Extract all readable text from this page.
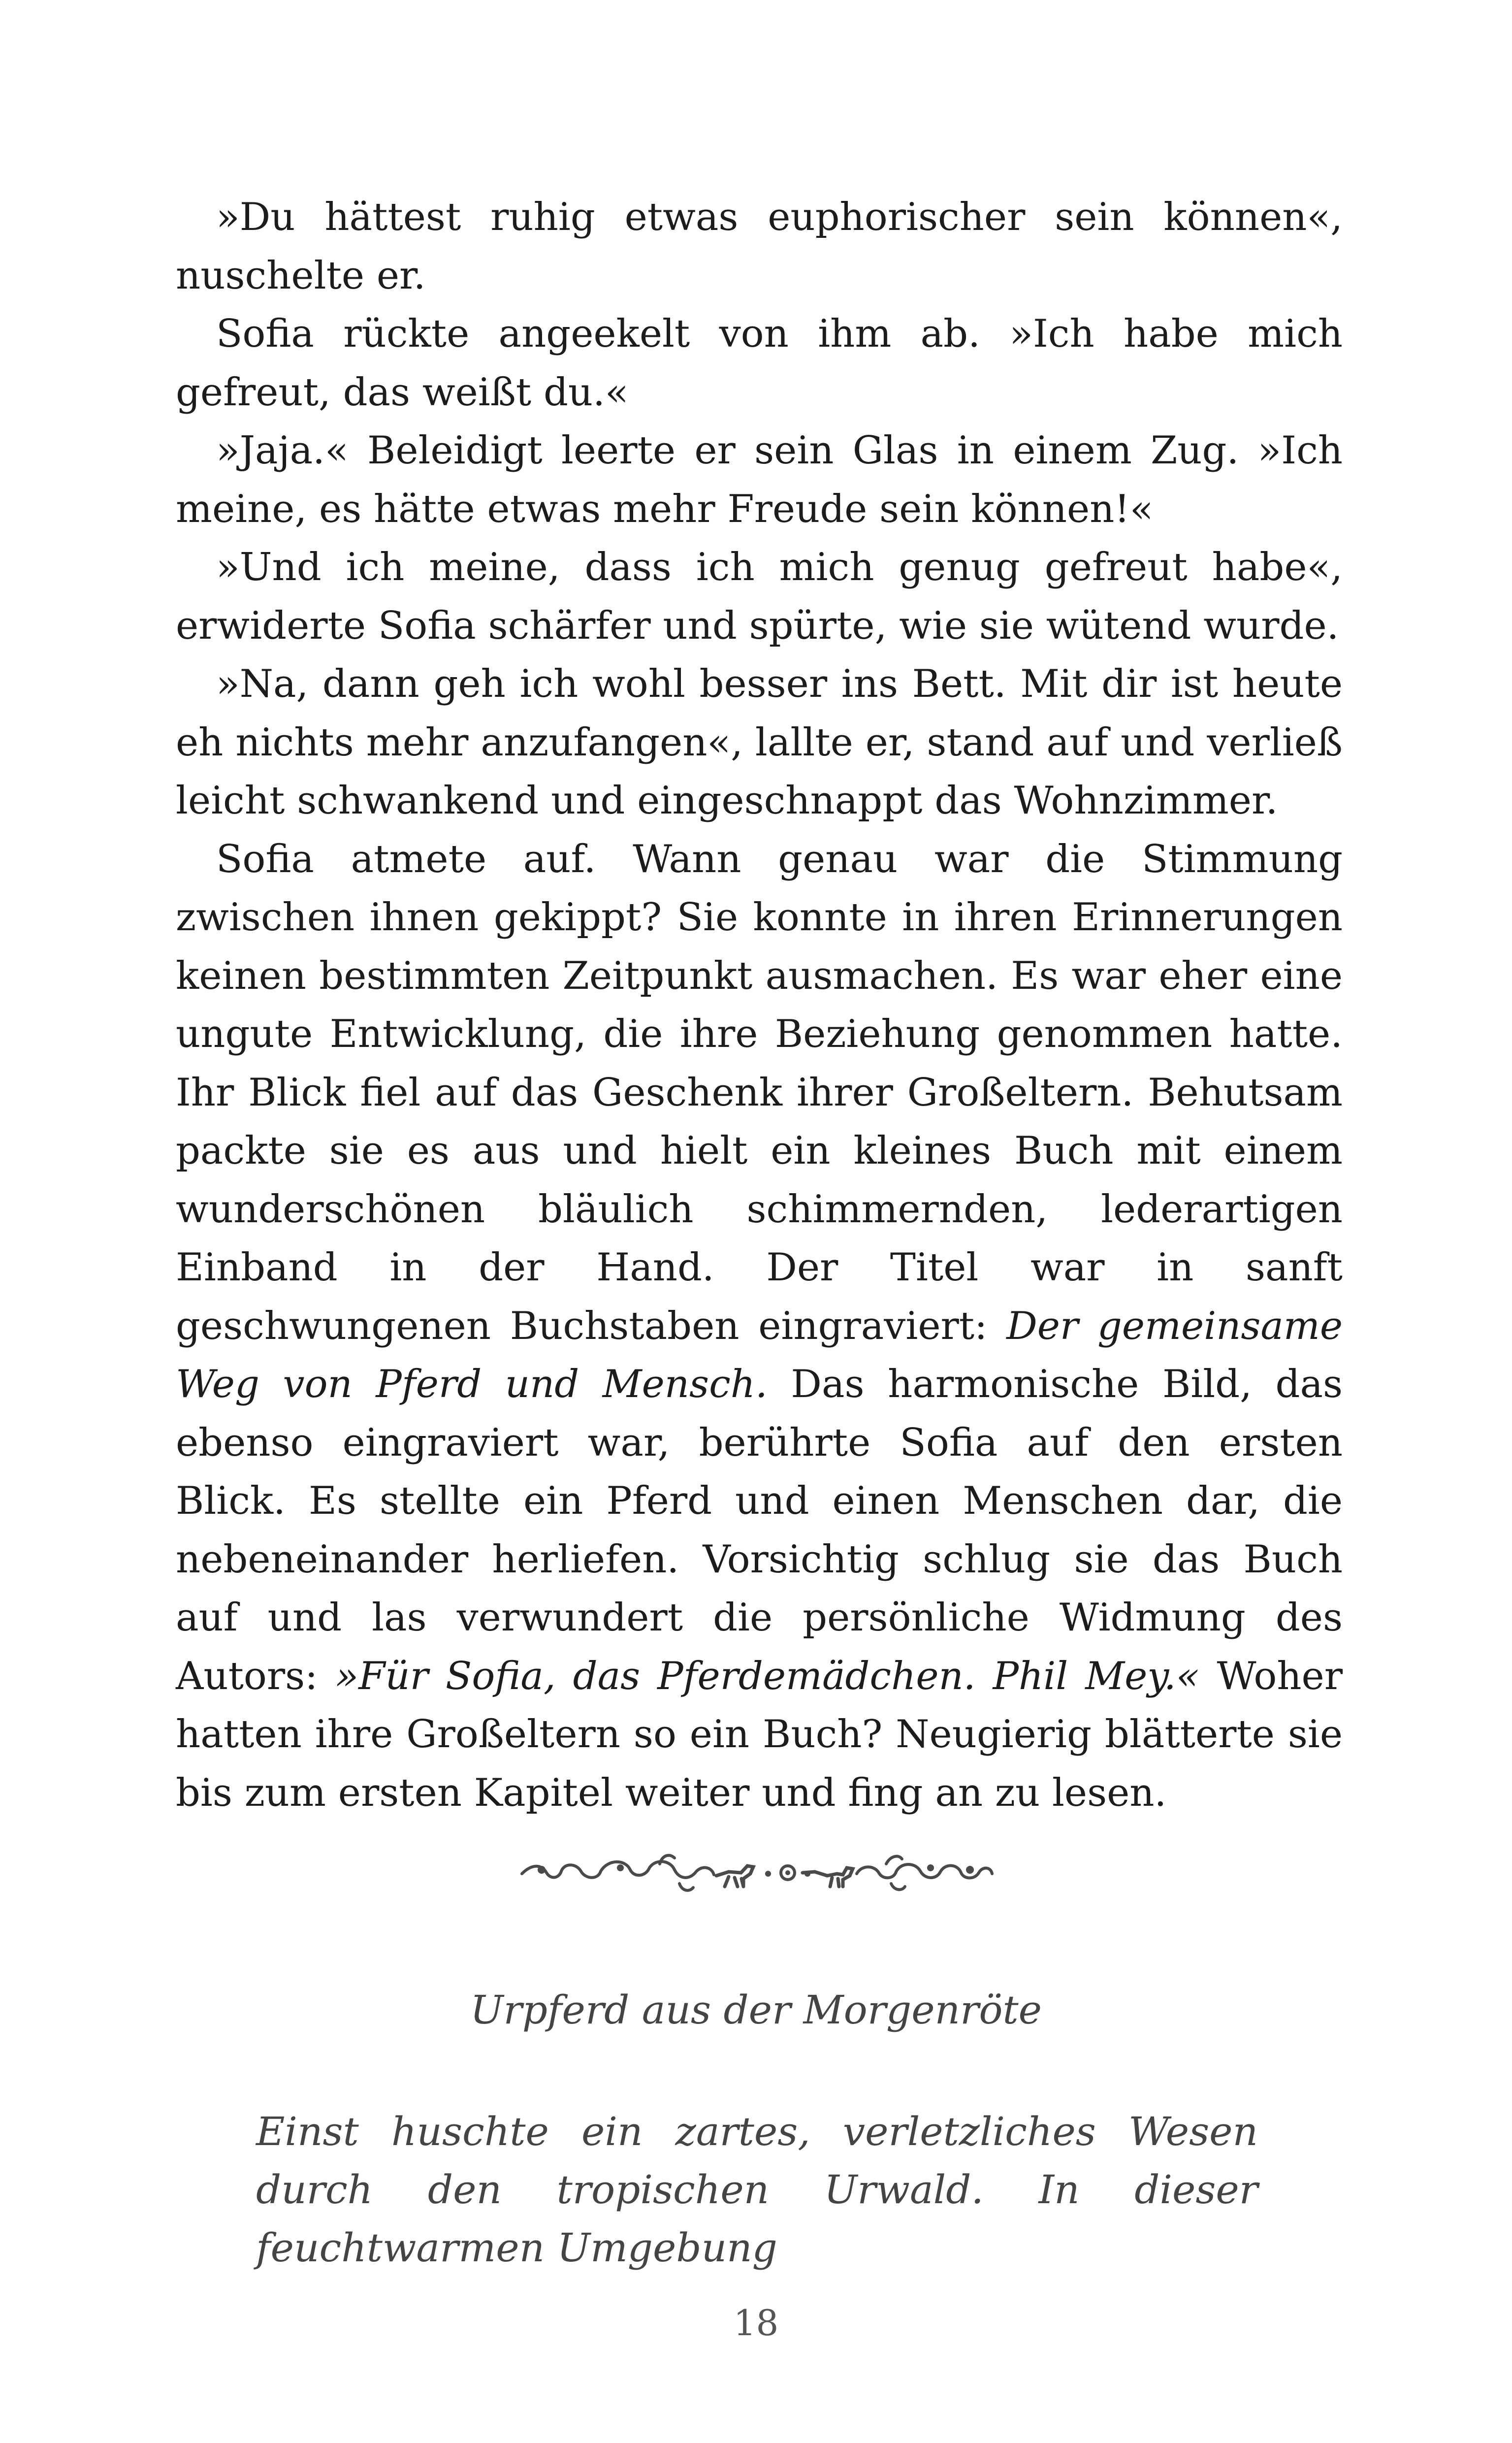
»Du hättest ruhig etwas euphorischer sein können«, nuschelte er.

Sofia rückte angeekelt von ihm ab. »Ich habe mich gefreut, das weißt du.«

»Jaja.« Beleidigt leerte er sein Glas in einem Zug. »Ich meine, es hätte etwas mehr Freude sein können!«

»Und ich meine, dass ich mich genug gefreut habe«, erwiderte Sofia schärfer und spürte, wie sie wütend wurde.

»Na, dann geh ich wohl besser ins Bett. Mit dir ist heute eh nichts mehr anzufangen«, lallte er, stand auf und verließ leicht schwankend und eingeschnappt das Wohnzimmer.

Sofia atmete auf. Wann genau war die Stimmung zwischen ihnen gekippt? Sie konnte in ihren Erinnerungen keinen bestimmten Zeitpunkt ausmachen. Es war eher eine ungute Entwicklung, die ihre Beziehung genommen hatte. Ihr Blick fiel auf das Geschenk ihrer Großeltern. Behutsam packte sie es aus und hielt ein kleines Buch mit einem wunderschönen bläulich schimmernden, lederartigen Einband in der Hand. Der Titel war in sanft geschwungenen Buchstaben eingraviert: Der gemeinsame Weg von Pferd und Mensch. Das harmonische Bild, das ebenso eingraviert war, berührte Sofia auf den ersten Blick. Es stellte ein Pferd und einen Menschen dar, die nebeneinander herliefen. Vorsichtig schlug sie das Buch auf und las verwundert die persönliche Widmung des Autors: »Für Sofia, das Pferdemädchen. Phil Mey.« Woher hatten ihre Großeltern so ein Buch? Neugierig blätterte sie bis zum ersten Kapitel weiter und fing an zu lesen.

Urpferd aus der Morgenröte

Einst huschte ein zartes, verletzliches Wesen durch den tropischen Urwald. In dieser feuchtwarmen Umgebung

18
